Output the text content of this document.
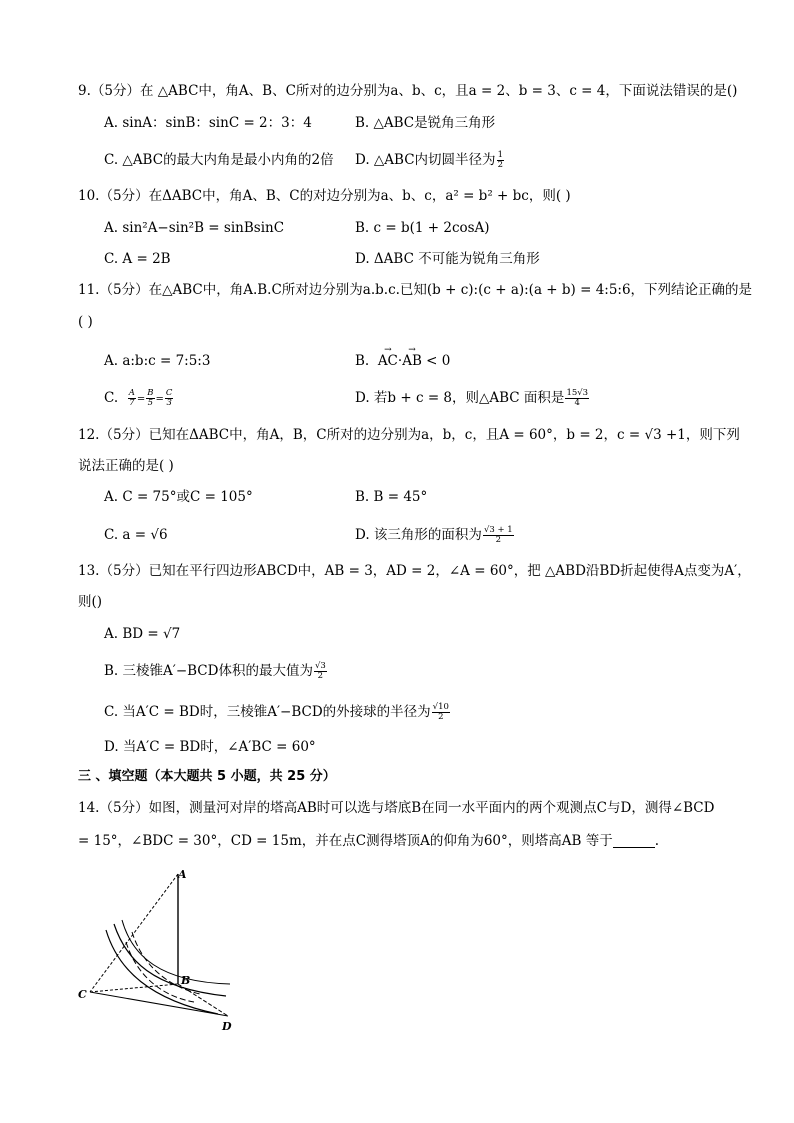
9.（5分）在 △ABC中，角A、B、C所对的边分别为a、b、c，且a = 2、b = 3、c = 4，下面说法错误的是()
A. sinA：sinB：sinC = 2：3：4	B. △ABC是锐角三角形
C. △ABC的最大内角是最小内角的2倍 D. △ABC内切圆半径为 $\frac{1}{2}$
10.（5分）在ΔABC中，角A、B、C的对边分别为a、b、c，a² = b² + bc，则( )
A. sin²A−sin²B = sinBsinC	B. c = b(1 + 2cosA)
C. A = 2B	D. ΔABC 不可能为锐角三角形
11.（5分）在△ABC中，角A.B.C所对边分别为a.b.c.已知(b + c):(c + a):(a + b) = 4:5:6，下列结论正确的是
( )
A. a:b:c = 7:5:3	B.  → AC·→ AB < 0
C. $\frac{A}{7} = \frac{B}{5} = \frac{C}{3}$	D. 若b + c = 8，则△ABC 面积是 $\frac{15√3}{4}$
12.（5分）已知在ΔABC中，角A，B，C所对的边分别为a，b，c，且A = 60°，b = 2，c = √3 +1，则下列
说法正确的是( )
A. C = 75°或C = 105°	B. B = 45°
C. a = √6	D. 该三角形的面积为 $\frac{√3 + 1}{2}$
13.（5分）已知在平行四边形ABCD中，AB = 3，AD = 2，∠A = 60°，把 △ABD沿BD折起使得A点变为A′，
则()
A. BD = √7
B. 三棱锥A′−BCD体积的最大值为 $\frac{√3}{2}$
C. 当A′C = BD时，三棱锥A′−BCD的外接球的半径为 $\frac{√10}{2}$
D. 当A′C = BD时，∠A′BC = 60°
三 、填空题（本大题共 5 小题，共 25 分）
14.（5分）如图，测量河对岸的塔高AB时可以选与塔底B在同一水平面内的两个观测点C与D，测得∠BCD
= 15°，∠BDC = 30°，CD = 15m，并在点C测得塔顶A的仰角为60°，则塔高AB 等于	.
A
B
C
D
